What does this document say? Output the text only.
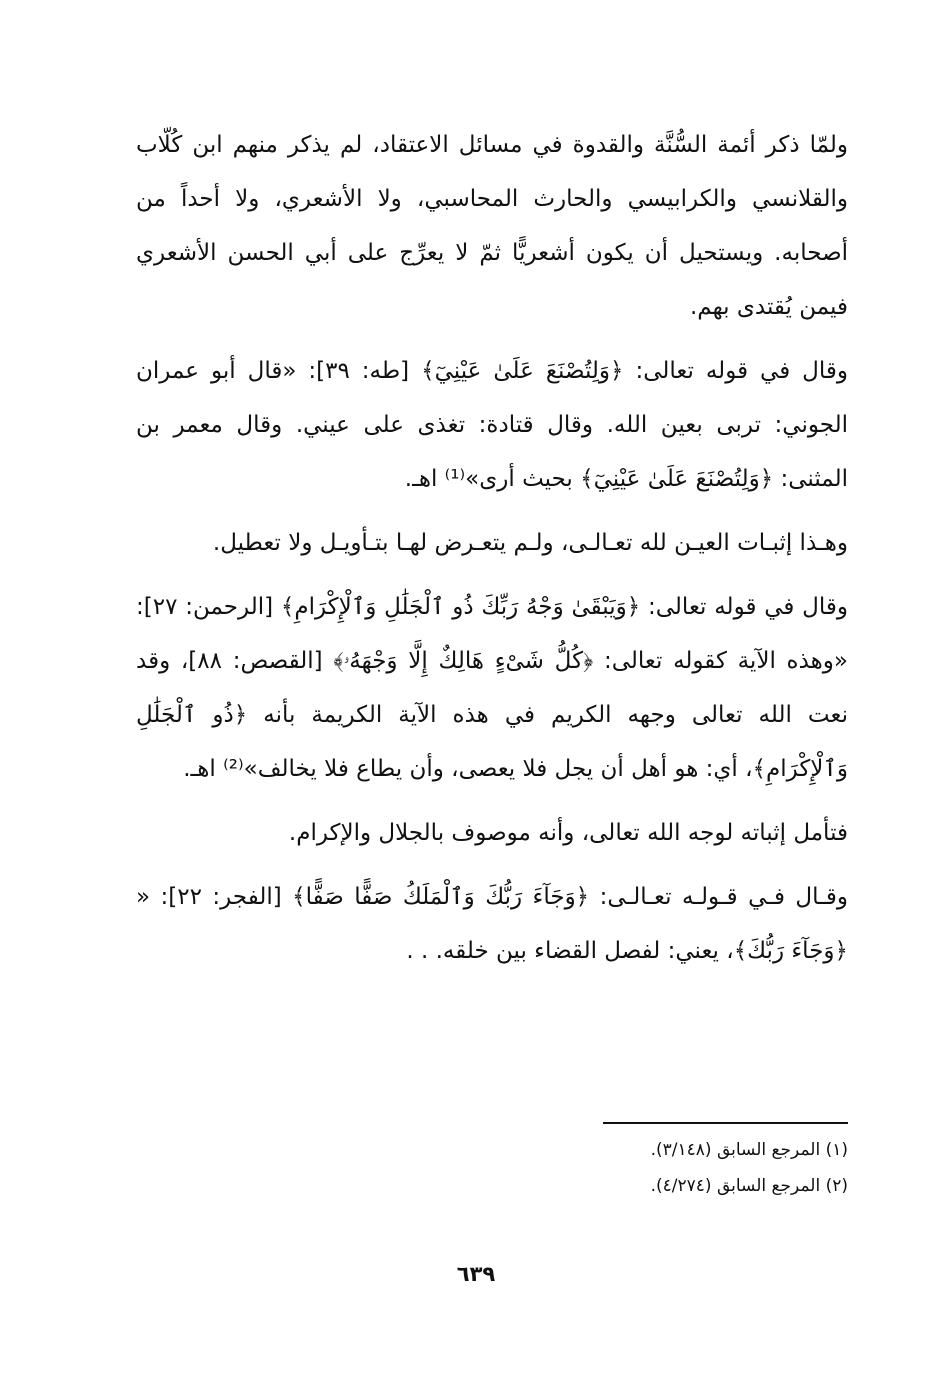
ولمّا ذكر أئمة السُّنَّة والقدوة في مسائل الاعتقاد، لم يذكر منهم ابن كُلّاب والقلانسي والكرابيسي والحارث المحاسبي، ولا الأشعري، ولا أحداً من أصحابه. ويستحيل أن يكون أشعريًّا ثمّ لا يعرِّج على أبي الحسن الأشعري فيمن يُقتدى بهم.

وقال في قوله تعالى: ﴿وَلِتُصْنَعَ عَلَىٰ عَيْنِيٓ﴾ [طه: ٣٩]: «قال أبو عمران الجوني: تربى بعين الله. وقال قتادة: تغذى على عيني. وقال معمر بن المثنى: ﴿وَلِتُصْنَعَ عَلَىٰ عَيْنِيٓ﴾ بحيث أرى»⁽¹⁾ اهـ.

وهـذا إثبـات العيـن لله تعـالـى، ولـم يتعـرض لهـا بتـأويـل ولا تعطيل.

وقال في قوله تعالى: ﴿وَيَبْقَىٰ وَجْهُ رَبِّكَ ذُو ٱلْجَلَٰلِ وَٱلْإِكْرَامِ﴾ [الرحمن: ٢٧]: «وهذه الآية كقوله تعالى: ﴿كُلُّ شَىْءٍ هَالِكٌ إِلَّا وَجْهَهُۥ﴾ [القصص: ٨٨]، وقد نعت الله تعالى وجهه الكريم في هذه الآية الكريمة بأنه ﴿ذُو ٱلْجَلَٰلِ وَٱلْإِكْرَامِ﴾، أي: هو أهل أن يجل فلا يعصى، وأن يطاع فلا يخالف»⁽²⁾ اهـ.

فتأمل إثباته لوجه الله تعالى، وأنه موصوف بالجلال والإكرام.

وقـال فـي قـولـه تعـالـى: ﴿وَجَآءَ رَبُّكَ وَٱلْمَلَكُ صَفًّا صَفًّا﴾ [الفجر: ٢٢]: « ﴿وَجَآءَ رَبُّكَ﴾، يعني: لفصل القضاء بين خلقه. . .

(١) المرجع السابق (٣/١٤٨).

(٢) المرجع السابق (٤/٢٧٤).

٦٣٩
